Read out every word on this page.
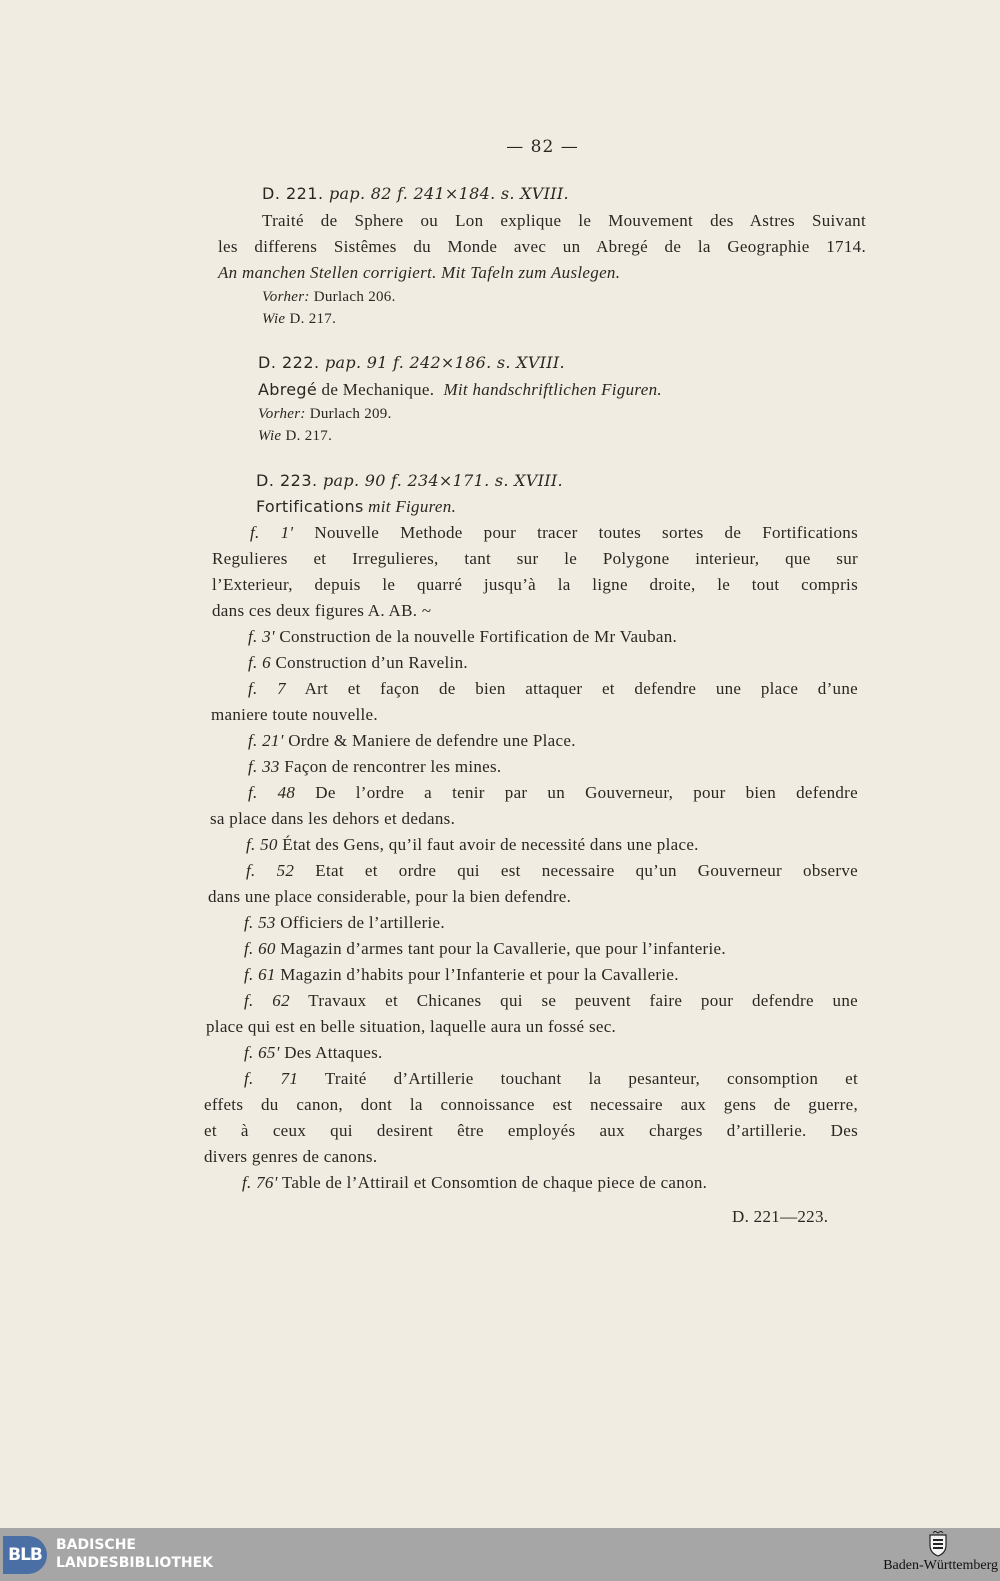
— 82 —
D. 221. pap. 82 f. 241⨯184. s. XVIII.
Traité de Sphere ou Lon explique le Mouvement des Astres Suivant
les differens Sistêmes du Monde avec un Abregé de la Geographie 1714.
An manchen Stellen corrigiert. Mit Tafeln zum Auslegen.
Vorher: Durlach 206.
Wie D. 217.
D. 222. pap. 91 f. 242⨯186. s. XVIII.
Abregé de Mechanique. Mit handschriftlichen Figuren.
Vorher: Durlach 209.
Wie D. 217.
D. 223. pap. 90 f. 234⨯171. s. XVIII.
Fortifications mit Figuren.
f. 1' Nouvelle Methode pour tracer toutes sortes de Fortifications
Regulieres et Irregulieres, tant sur le Polygone interieur, que sur
l’Exterieur, depuis le quarré jusqu’à la ligne droite, le tout compris
dans ces deux figures A. AB. ~
f. 3' Construction de la nouvelle Fortification de Mr Vauban.
f. 6 Construction d’un Ravelin.
f. 7 Art et façon de bien attaquer et defendre une place d’une
maniere toute nouvelle.
f. 21' Ordre & Maniere de defendre une Place.
f. 33 Façon de rencontrer les mines.
f. 48 De l’ordre a tenir par un Gouverneur, pour bien defendre
sa place dans les dehors et dedans.
f. 50 État des Gens, qu’il faut avoir de necessité dans une place.
f. 52 Etat et ordre qui est necessaire qu’un Gouverneur observe
dans une place considerable, pour la bien defendre.
f. 53 Officiers de l’artillerie.
f. 60 Magazin d’armes tant pour la Cavallerie, que pour l’infanterie.
f. 61 Magazin d’habits pour l’Infanterie et pour la Cavallerie.
f. 62 Travaux et Chicanes qui se peuvent faire pour defendre une
place qui est en belle situation, laquelle aura un fossé sec.
f. 65' Des Attaques.
f. 71 Traité d’Artillerie touchant la pesanteur, consomption et
effets du canon, dont la connoissance est necessaire aux gens de guerre,
et à ceux qui desirent être employés aux charges d’artillerie. Des
divers genres de canons.
f. 76' Table de l’Attirail et Consomtion de chaque piece de canon.
D. 221—223.
BLB	BADISCHE
LANDESBIBLIOTHEK	Baden-Württemberg
